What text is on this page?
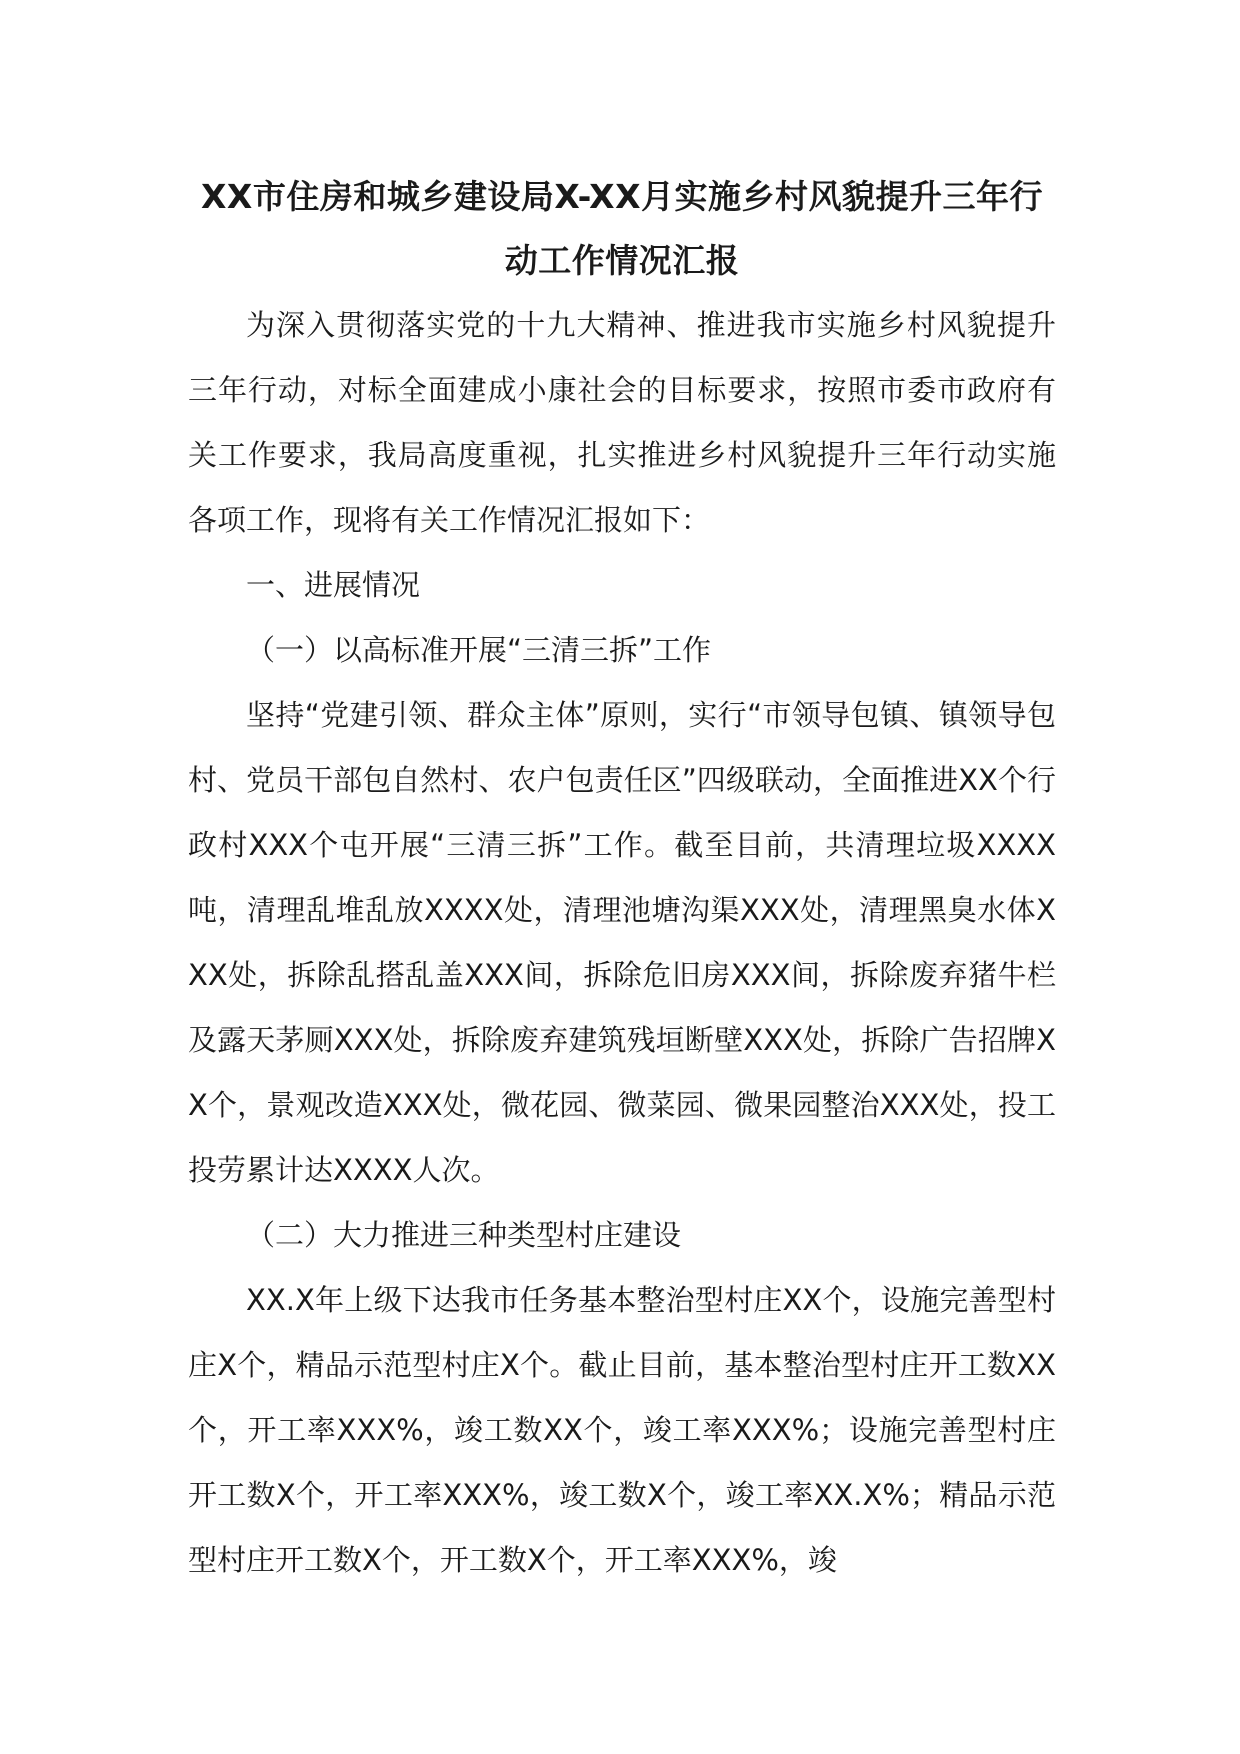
XX市住房和城乡建设局X-XX月实施乡村风貌提升三年行动工作情况汇报

为深入贯彻落实党的十九大精神、推进我市实施乡村风貌提升三年行动，对标全面建成小康社会的目标要求，按照市委市政府有关工作要求，我局高度重视，扎实推进乡村风貌提升三年行动实施各项工作，现将有关工作情况汇报如下：

一、进展情况

（一）以高标准开展“三清三拆”工作

坚持“党建引领、群众主体”原则，实行“市领导包镇、镇领导包村、党员干部包自然村、农户包责任区”四级联动，全面推进XX个行政村XXX个屯开展“三清三拆”工作。截至目前，共清理垃圾XXXX吨，清理乱堆乱放XXXX处，清理池塘沟渠XXX处，清理黑臭水体XXX处，拆除乱搭乱盖XXX间，拆除危旧房XXX间，拆除废弃猪牛栏及露天茅厕XXX处，拆除废弃建筑残垣断壁XXX处，拆除广告招牌XX个，景观改造XXX处，微花园、微菜园、微果园整治XXX处，投工投劳累计达XXXX人次。

（二）大力推进三种类型村庄建设

XX.X年上级下达我市任务基本整治型村庄XX个，设施完善型村庄X个，精品示范型村庄X个。截止目前，基本整治型村庄开工数XX个，开工率XXX%，竣工数XX个，竣工率XXX%；设施完善型村庄开工数X个，开工率XXX%，竣工数X个，竣工率XX.X%；精品示范型村庄开工数X个，开工数X个，开工率XXX%，竣
